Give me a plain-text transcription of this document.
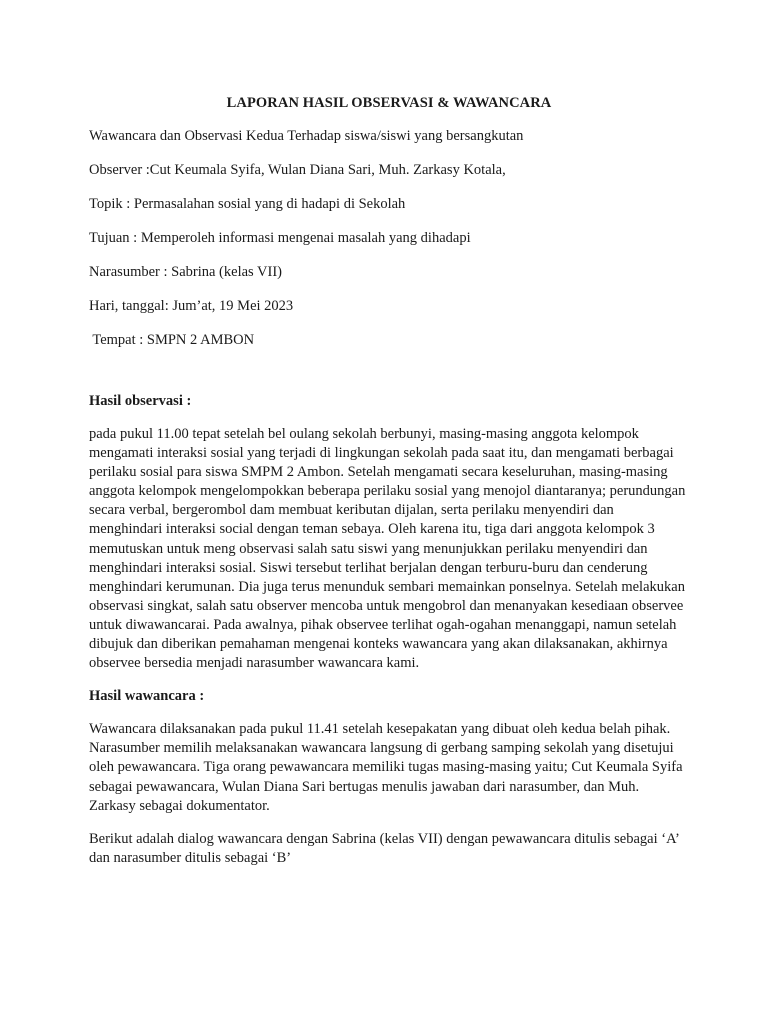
LAPORAN HASIL OBSERVASI & WAWANCARA
Wawancara dan Observasi Kedua Terhadap siswa/siswi yang bersangkutan
Observer :Cut Keumala Syifa, Wulan Diana Sari, Muh. Zarkasy Kotala,
Topik : Permasalahan sosial yang di hadapi di Sekolah
Tujuan : Memperoleh informasi mengenai masalah yang dihadapi
Narasumber : Sabrina (kelas VII)
Hari, tanggal: Jum’at, 19 Mei 2023
Tempat : SMPN 2 AMBON
Hasil observasi :
pada pukul 11.00 tepat setelah bel oulang sekolah berbunyi, masing-masing anggota kelompok mengamati interaksi sosial yang terjadi di lingkungan sekolah pada saat itu, dan mengamati berbagai perilaku sosial para siswa SMPM 2 Ambon. Setelah mengamati secara keseluruhan, masing-masing anggota kelompok mengelompokkan beberapa perilaku sosial yang menojol diantaranya; perundungan secara verbal, bergerombol dam membuat keributan dijalan, serta perilaku menyendiri dan menghindari interaksi social dengan teman sebaya. Oleh karena itu, tiga dari anggota kelompok 3 memutuskan untuk meng observasi salah satu siswi yang menunjukkan perilaku menyendiri dan menghindari interaksi sosial. Siswi tersebut terlihat berjalan dengan terburu-buru dan cenderung menghindari kerumunan. Dia juga terus menunduk sembari memainkan ponselnya. Setelah melakukan observasi singkat, salah satu observer mencoba untuk mengobrol dan menanyakan kesediaan observee untuk diwawancarai. Pada awalnya, pihak observee terlihat ogah-ogahan menanggapi, namun setelah dibujuk dan diberikan pemahaman mengenai konteks wawancara yang akan dilaksanakan, akhirnya observee bersedia menjadi narasumber wawancara kami.
Hasil wawancara :
Wawancara dilaksanakan pada pukul 11.41 setelah kesepakatan yang dibuat oleh kedua belah pihak. Narasumber memilih melaksanakan wawancara langsung di gerbang samping sekolah yang disetujui oleh pewawancara. Tiga orang pewawancara memiliki tugas masing-masing yaitu; Cut Keumala Syifa sebagai pewawancara, Wulan Diana Sari bertugas menulis jawaban dari narasumber, dan Muh. Zarkasy sebagai dokumentator.
Berikut adalah dialog wawancara dengan Sabrina (kelas VII) dengan pewawancara ditulis sebagai ‘A’ dan narasumber ditulis sebagai ‘B’
